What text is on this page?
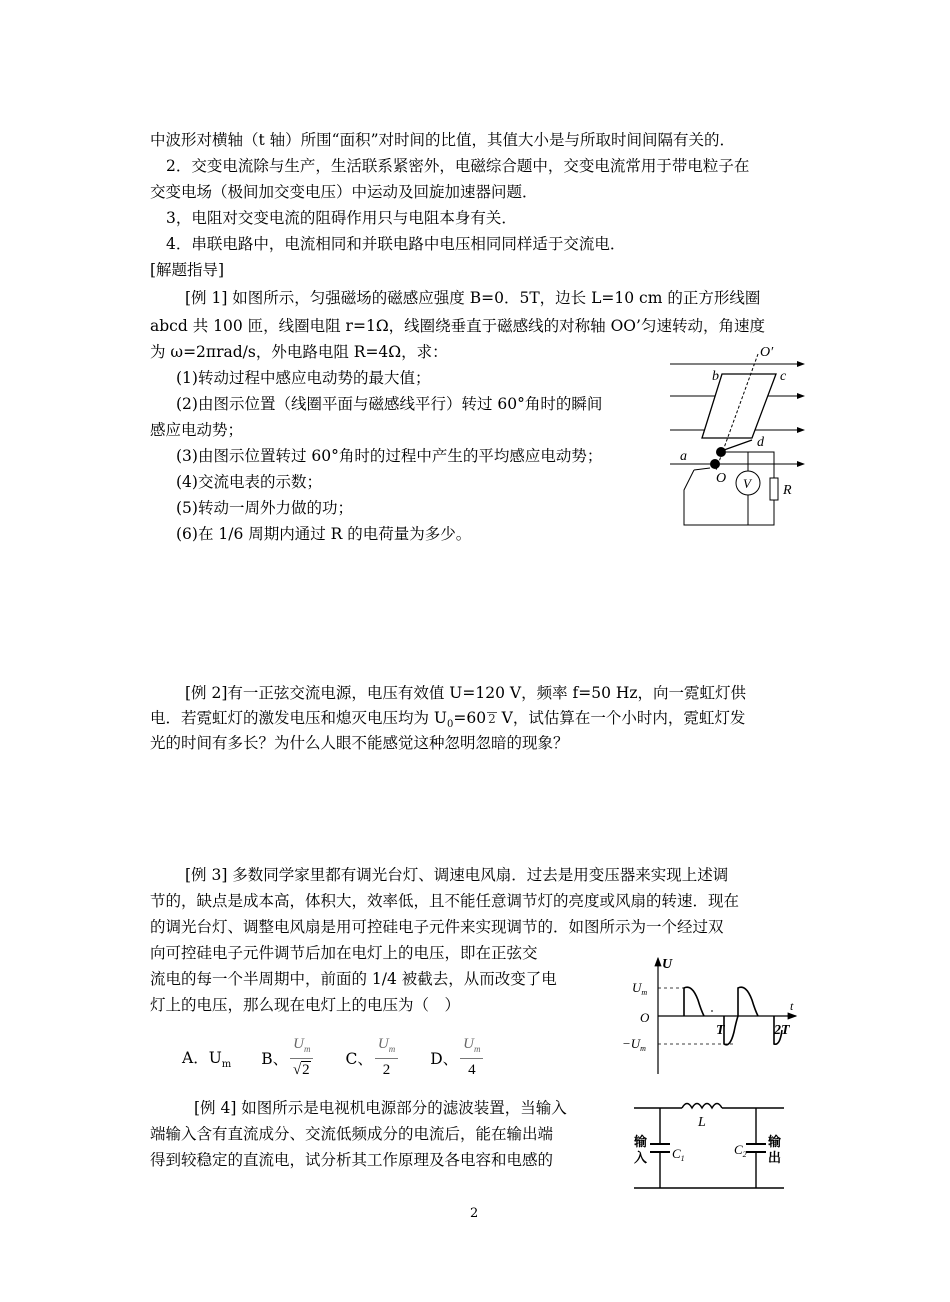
中波形对横轴（t 轴）所围“面积”对时间的比值，其值大小是与所取时间间隔有关的．
2．交变电流除与生产，生活联系紧密外，电磁综合题中，交变电流常用于带电粒子在
交变电场（极间加交变电压）中运动及回旋加速器问题．
3，电阻对交变电流的阻碍作用只与电阻本身有关．
4．串联电路中，电流相同和并联电路中电压相同同样适于交流电．
[解题指导]
[例 1] 如图所示，匀强磁场的磁感应强度 B=0．5T，边长 L=10 cm 的正方形线圈
abcd 共 100 匝，线圈电阻 r=1Ω，线圈绕垂直于磁感线的对称轴 OO’匀速转动，角速度
为 ω=2πrad/s，外电路电阻 R=4Ω，求：
(1)转动过程中感应电动势的最大值；
(2)由图示位置（线圈平面与磁感线平行）转过 60°角时的瞬间
感应电动势；
(3)由图示位置转过 60°角时的过程中产生的平均感应电动势；
(4)交流电表的示数；
(5)转动一周外力做的功；
(6)在 1/6 周期内通过 R 的电荷量为多少。
O′
b	c
d
a
O V R
[例 2]有一正弦交流电源，电压有效值 U=120 V，频率 f=50 Hz，向一霓虹灯供
电．若霓虹灯的激发电压和熄灭电压均为 $U_0=60$ 2 V，试估算在一个小时内，霓虹灯发
光的时间有多长？为什么人眼不能感觉这种忽明忽暗的现象？
[例 3] 多数同学家里都有调光台灯、调速电风扇．过去是用变压器来实现上述调
节的，缺点是成本高，体积大，效率低，且不能任意调节灯的亮度或风扇的转速．现在
的调光台灯、调整电风扇是用可控硅电子元件来实现调节的．如图所示为一个经过双
向可控硅电子元件调节后加在电灯上的电压，即在正弦交
流电的每一个半周期中，前面的 1/4 被截去，从而改变了电
灯上的电压，那么现在电灯上的电压为（　）
A．$U_m$ B、 $\frac{U_m}{√2}$ C、 $\frac{U_m}{2}$ D、 $\frac{U_m}{4}$
U
t
$U_m$
O
$-U_m$
T	2T
[例 4] 如图所示是电视机电源部分的滤波装置，当输入
端输入含有直流成分、交流低频成分的电流后，能在输出端
得到较稳定的直流电，试分析其工作原理及各电容和电感的
L
输
入 $C_1$
$C_2$
输
出
2
